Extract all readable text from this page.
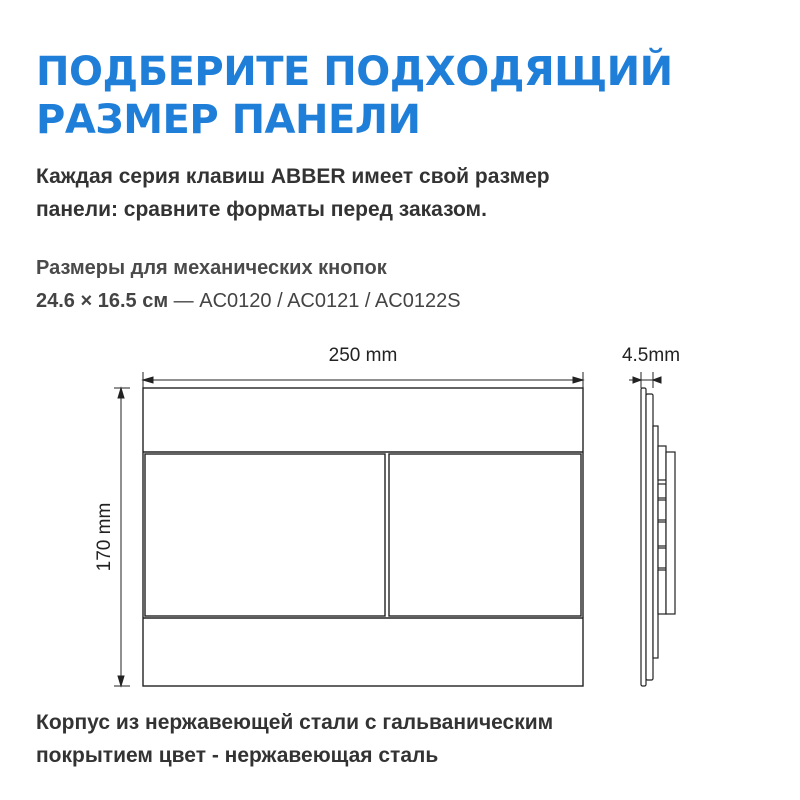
ПОДБЕРИТЕ ПОДХОДЯЩИЙ
РАЗМЕР ПАНЕЛИ
Каждая серия клавиш ABBER имеет свой размер
панели: сравните форматы перед заказом.
Размеры для механических кнопок
24.6 × 16.5 см — AC0120 / AC0121 / AC0122S
250 mm
170 mm
4.5mm
Корпус из нержавеющей стали с гальваническим
покрытием цвет - нержавеющая сталь
